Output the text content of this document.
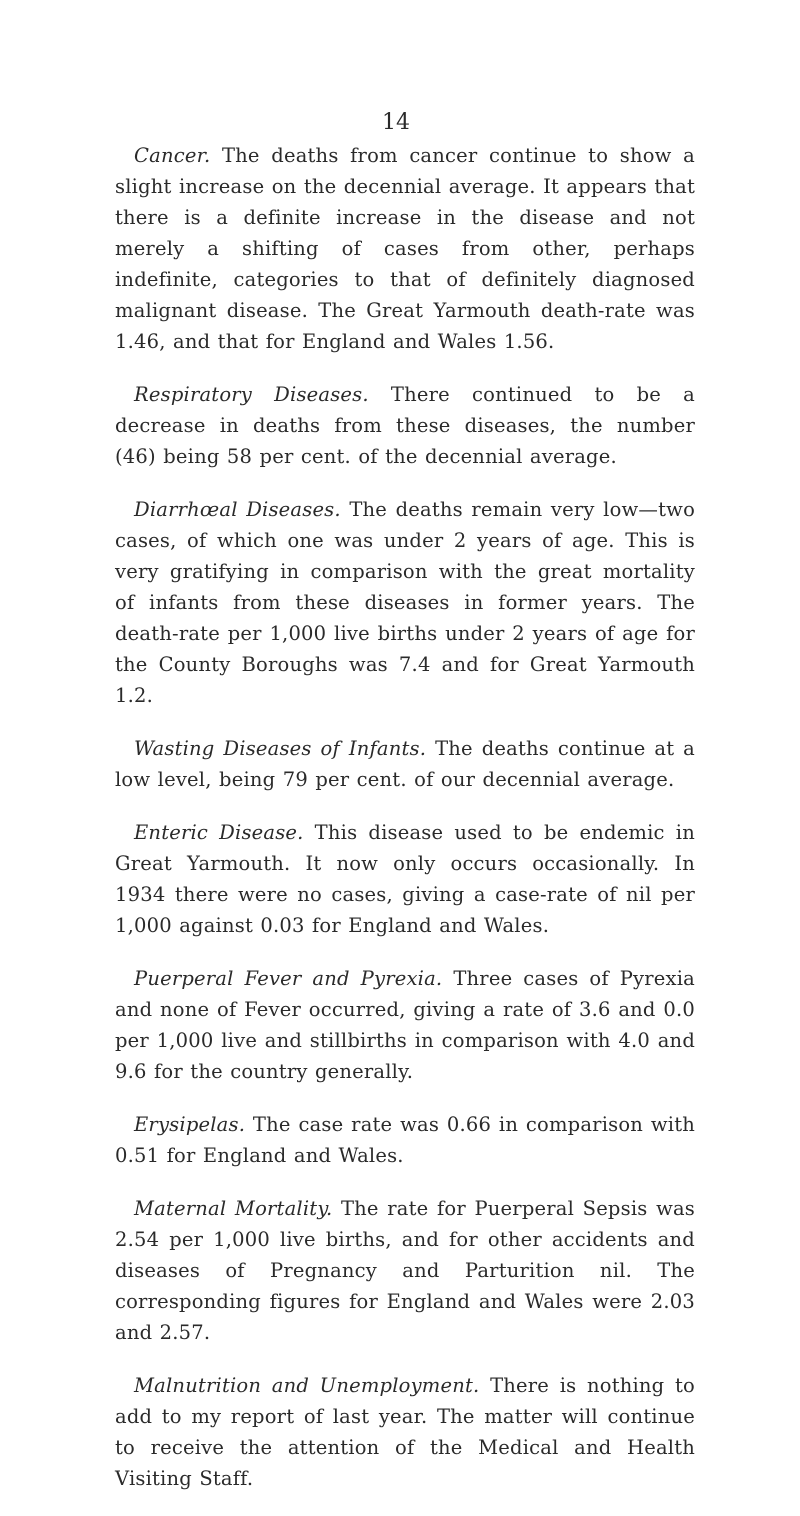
14

Cancer. The deaths from cancer continue to show a slight increase on the decennial average. It appears that there is a definite increase in the disease and not merely a shifting of cases from other, perhaps indefinite, categories to that of definitely diagnosed malignant disease. The Great Yarmouth death-rate was 1.46, and that for England and Wales 1.56.

Respiratory Diseases. There continued to be a decrease in deaths from these diseases, the number (46) being 58 per cent. of the decennial average.

Diarrhœal Diseases. The deaths remain very low—two cases, of which one was under 2 years of age. This is very gratifying in comparison with the great mortality of infants from these diseases in former years. The death-rate per 1,000 live births under 2 years of age for the County Boroughs was 7.4 and for Great Yarmouth 1.2.

Wasting Diseases of Infants. The deaths continue at a low level, being 79 per cent. of our decennial average.

Enteric Disease. This disease used to be endemic in Great Yarmouth. It now only occurs occasionally. In 1934 there were no cases, giving a case-rate of nil per 1,000 against 0.03 for England and Wales.

Puerperal Fever and Pyrexia. Three cases of Pyrexia and none of Fever occurred, giving a rate of 3.6 and 0.0 per 1,000 live and stillbirths in comparison with 4.0 and 9.6 for the country generally.

Erysipelas. The case rate was 0.66 in comparison with 0.51 for England and Wales.

Maternal Mortality. The rate for Puerperal Sepsis was 2.54 per 1,000 live births, and for other accidents and diseases of Pregnancy and Parturition nil. The corresponding figures for England and Wales were 2.03 and 2.57.

Malnutrition and Unemployment. There is nothing to add to my report of last year. The matter will continue to receive the attention of the Medical and Health Visiting Staff.
